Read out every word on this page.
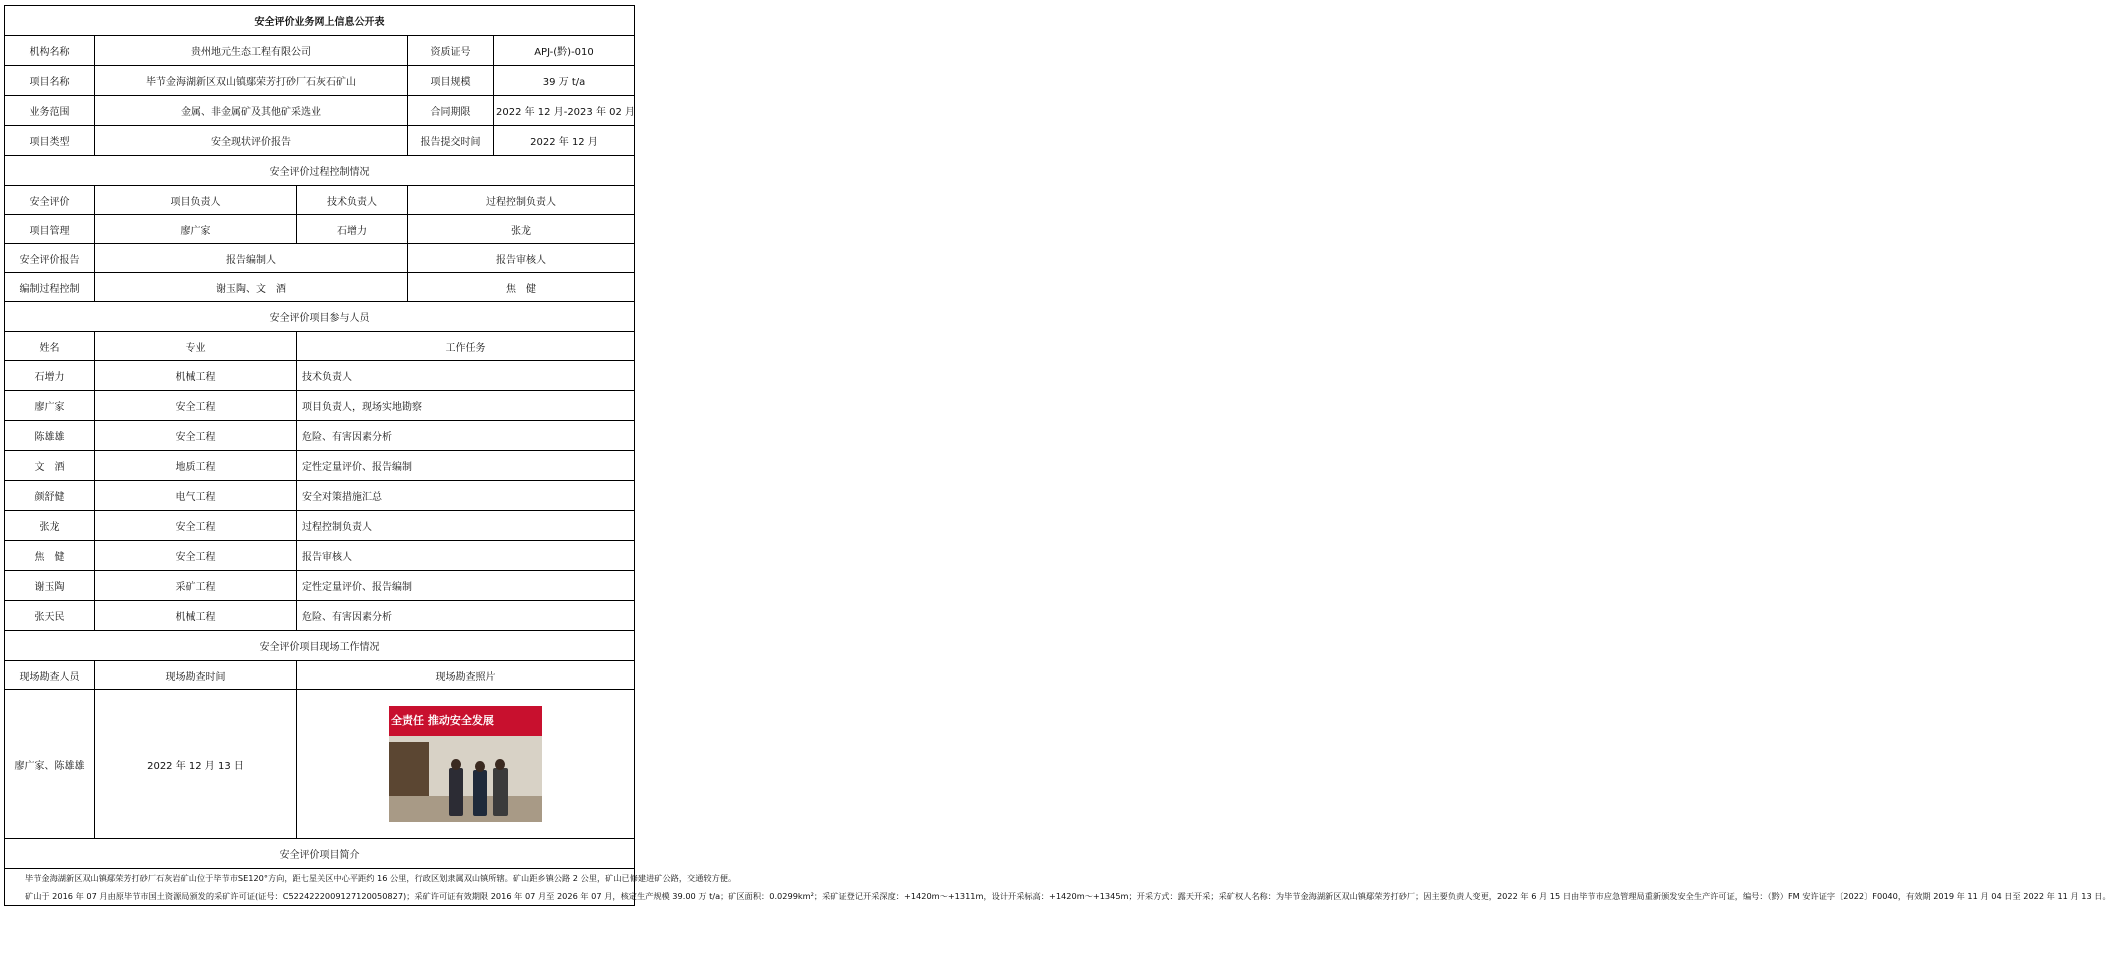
安全评价业务网上信息公开表				
机构名称	贵州地元生态工程有限公司		资质证号	APJ-(黔)-010
项目名称	毕节金海湖新区双山镇鄢荣芳打砂厂石灰石矿山		项目规模	39 万 t/a
业务范围	金属、非金属矿及其他矿采选业		合同期限	2022 年 12 月-2023 年 02 月
项目类型	安全现状评价报告		报告提交时间	2022 年 12 月
安全评价过程控制情况				
安全评价	项目负责人	技术负责人	过程控制负责人	
项目管理	廖广家	石增力	张龙	
安全评价报告	报告编制人		报告审核人	
编制过程控制	谢玉陶、文　酒		焦　健	
安全评价项目参与人员				
姓名	专业	工作任务		
石增力	机械工程	技术负责人		
廖广家	安全工程	项目负责人，现场实地勘察		
陈雄雄	安全工程	危险、有害因素分析		
文　酒	地质工程	定性定量评价、报告编制		
颜舒健	电气工程	安全对策措施汇总		
张龙	安全工程	过程控制负责人		
焦　健	安全工程	报告审核人		
谢玉陶	采矿工程	定性定量评价、报告编制		
张天民	机械工程	危险、有害因素分析		
安全评价项目现场工作情况				
现场勘查人员	现场勘查时间	现场勘查照片		
廖广家、陈雄雄	2022 年 12 月 13 日	全责任 推动安全发展		

安全评价项目简介				

毕节金海湖新区双山镇鄢荣芳打砂厂石灰岩矿山位于毕节市SE120°方向，距七星关区中心平距约 16 公里，行政区划隶属双山镇所辖。矿山距乡镇公路 2 公里，矿山已修建进矿公路，交通较方便。

矿山于 2016 年 07 月由原毕节市国土资源局颁发的采矿许可证(证号：C5224222009127120050827)；采矿许可证有效期限 2016 年 07 月至 2026 年 07 月，核定生产规模 39.00 万 t/a；矿区面积：0.0299km²；采矿证登记开采深度：+1420m～+1311m，设计开采标高：+1420m～+1345m；开采方式：露天开采；采矿权人名称：为毕节金海湖新区双山镇鄢荣芳打砂厂；因主要负责人变更，2022 年 6 月 15 日由毕节市应急管理局重新颁发安全生产许可证，编号：（黔）FM 安许证字〔2022〕F0040，有效期 2019 年 11 月 04 日至 2022 年 11 月 13 日。				
